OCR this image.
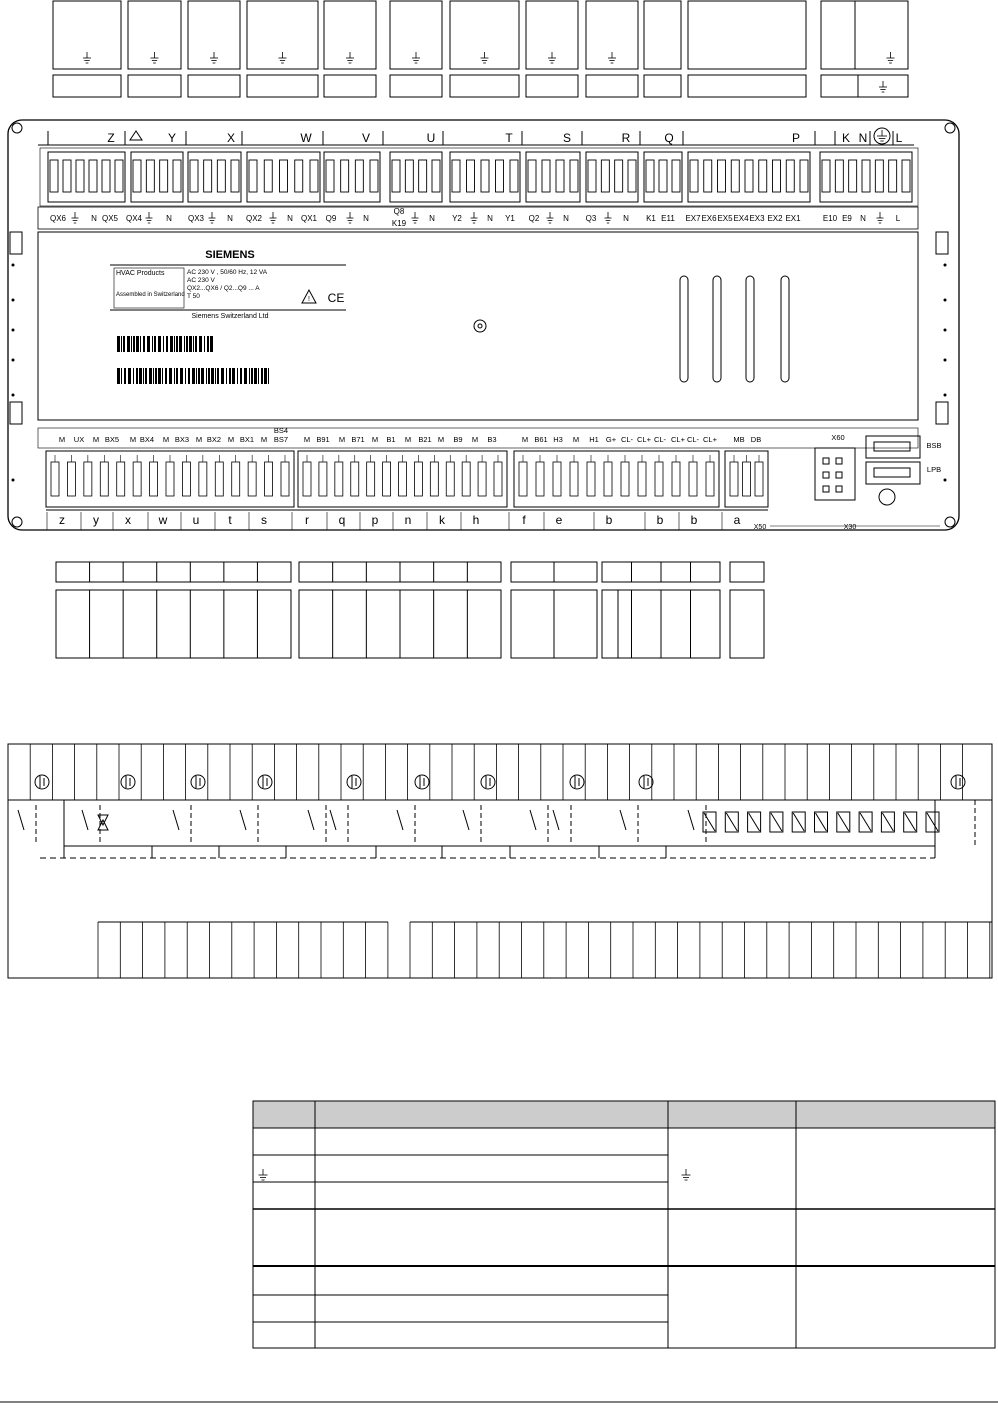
Z	Y	X	W	V	U	T	S	R	Q	P	K N L
QX6	N QX5 QX4	N QX3	N QX2	N QX1 Q9	N
Q8
K19
N Y2	N Y1 Q2	N Q3	N K1 E11 EX7 EX6 EX5 EX4 EX3 EX2 EX1	E10 E9 N	L
SIEMENS
HVAC Products
Assembled in Switzerland
AC 230 V , 50/60 Hz, 12 VA
AC 230 V
QX2...QX6 / Q2...Q9 ... A
T 50	! CE
Siemens Switzerland Ltd
M UX M BX5 M BX4 M BX3 M BX2 M BX1 M
BS4
BS7 M B91 M B71 M B1 M B21 M B9 M B3	M B61 H3 M H1 G+ CL- CL+ CL- CL+ CL- CL+ MB DB	X60
BSB
LPB
z y x w u t s	r q p n k h	f e	b	b b	a
X50	X30
